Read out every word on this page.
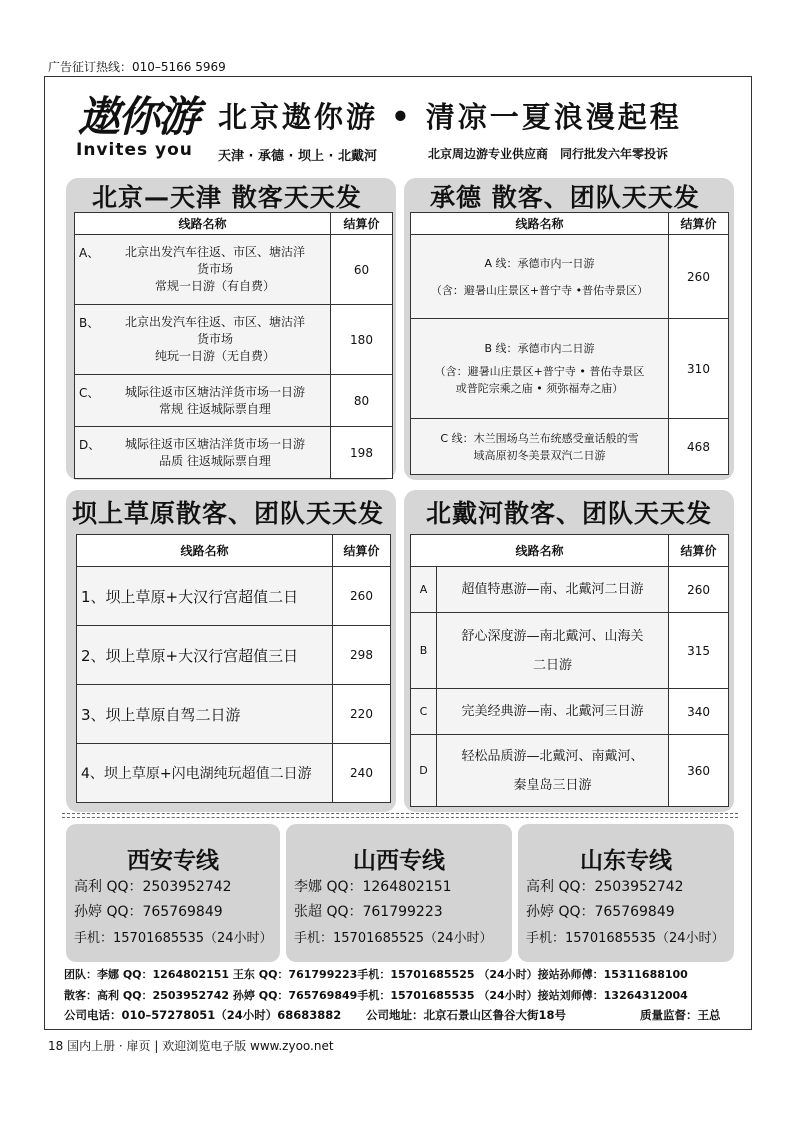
广告征订热线：010–5166 5969
遨你游
Invites you
北京遨你游 • 清凉一夏浪漫起程
天津 · 承德 · 坝上 · 北戴河	北京周边游专业供应商　同行批发六年零投诉
北京—天津 散客天天发
线路名称	结算价
A、 北京出发汽车往返、市区、塘沽洋
货市场
常规一日游（有自费）	60
B、 北京出发汽车往返、市区、塘沽洋
货市场
纯玩一日游（无自费）	180
C、 城际往返市区塘沽洋货市场一日游
常规 往返城际票自理	80
D、 城际往返市区塘沽洋货市场一日游
品质 往返城际票自理	198
承德 散客、团队天天发
线路名称	结算价

A 线：承德市内一日游
（含：避暑山庄景区+普宁寺 •普佑寺景区）	260

B 线：承德市内二日游
（含：避暑山庄景区+普宁寺 • 普佑寺景区
或普陀宗乘之庙 • 须弥福寿之庙）	310

C 线：木兰围场乌兰布统感受童话般的雪
域高原初冬美景双汽二日游	468
坝上草原散客、团队天天发
线路名称	结算价
1、坝上草原+大汉行宫超值二日	260
2、坝上草原+大汉行宫超值三日	298
3、坝上草原自驾二日游	220
4、坝上草原+闪电湖纯玩超值二日游	240
北戴河散客、团队天天发
线路名称		结算价
A	超值特惠游—南、北戴河二日游	260
B	舒心深度游—南北戴河、山海关
二日游	315
C	完美经典游—南、北戴河三日游	340
D	轻松品质游—北戴河、南戴河、
秦皇岛三日游	360
西安专线
高利 QQ：2503952742
孙婷 QQ：765769849
手机：15701685535（24小时）
山西专线
李娜 QQ：1264802151
张超 QQ：761799223
手机：15701685525（24小时）
山东专线
高利 QQ：2503952742
孙婷 QQ：765769849
手机：15701685535（24小时）
团队：李娜 QQ：1264802151 王东 QQ：761799223手机：15701685525 （24小时）接站孙师傅：15311688100
散客：高利 QQ：2503952742 孙婷 QQ：765769849手机：15701685535 （24小时）接站刘师傅：13264312004
公司电话：010–57278051（24小时）68683882 公司地址：北京石景山区鲁谷大街18号	质量监督：王总
18 国内上册 · 扉页 | 欢迎浏览电子版 www.zyoo.net
